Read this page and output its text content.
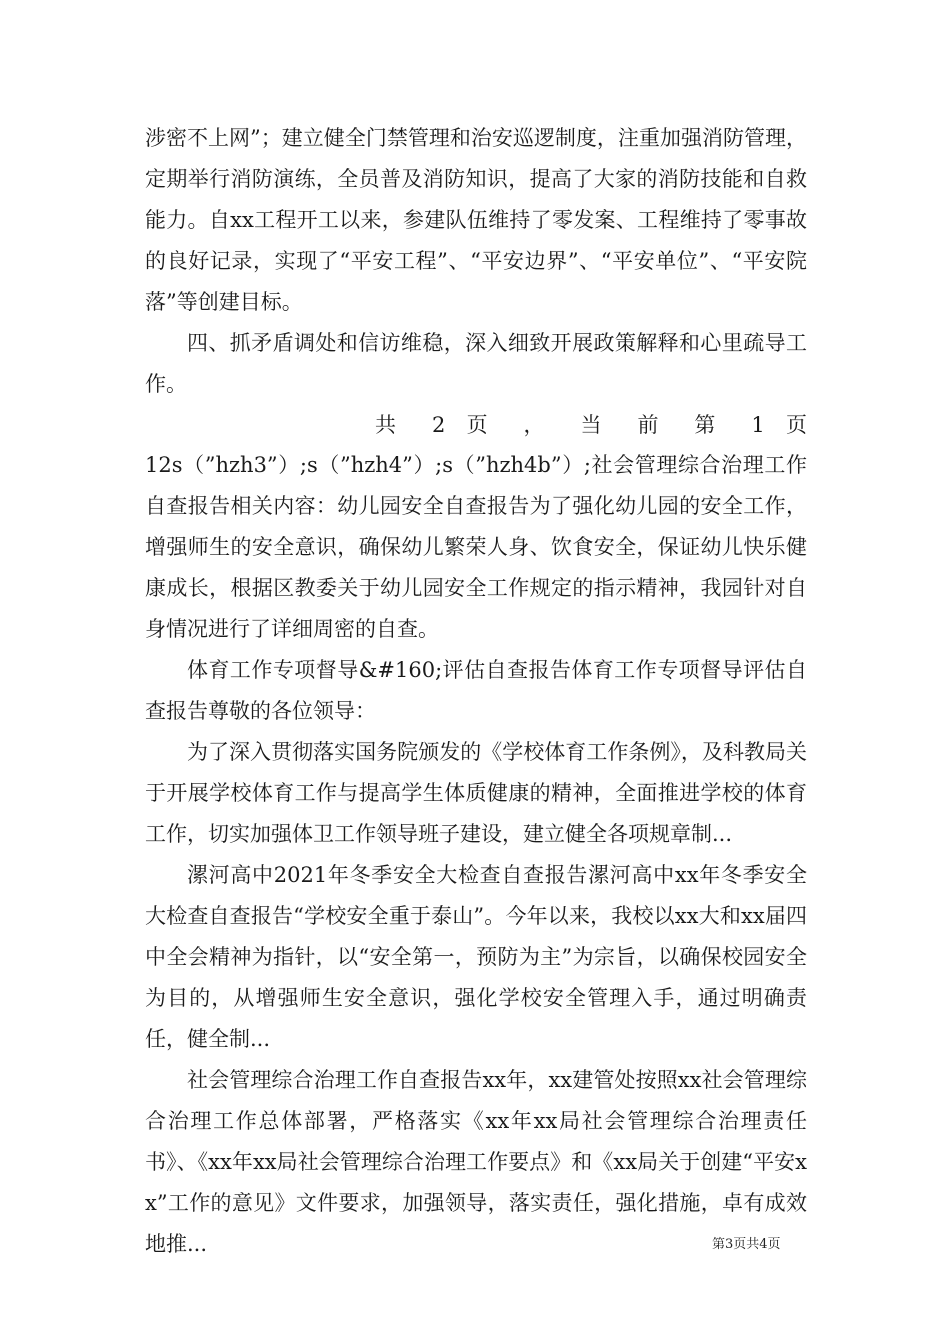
涉密不上网”；建立健全门禁管理和治安巡逻制度，注重加强消防管理，定期举行消防演练，全员普及消防知识，提高了大家的消防技能和自救能力。自xx工程开工以来，参建队伍维持了零发案、工程维持了零事故的良好记录，实现了“平安工程”、“平安边界”、“平安单位”、“平安院落”等创建目标。

四、抓矛盾调处和信访维稳，深入细致开展政策解释和心里疏导工作。

共 2 页 ， 当 前 第 1 页

12s（”hzh3”）;s（”hzh4”）;s（”hzh4b”）;社会管理综合治理工作自查报告相关内容：幼儿园安全自查报告为了强化幼儿园的安全工作，增强师生的安全意识，确保幼儿繁荣人身、饮食安全，保证幼儿快乐健康成长，根据区教委关于幼儿园安全工作规定的指示精神，我园针对自身情况进行了详细周密的自查。

体育工作专项督导&#160;评估自查报告体育工作专项督导评估自查报告尊敬的各位领导：

为了深入贯彻落实国务院颁发的《学校体育工作条例》，及科教局关于开展学校体育工作与提高学生体质健康的精神，全面推进学校的体育工作，切实加强体卫工作领导班子建设，建立健全各项规章制...

漯河高中2021年冬季安全大检查自查报告漯河高中xx年冬季安全大检查自查报告“学校安全重于泰山”。今年以来，我校以xx大和xx届四中全会精神为指针，以“安全第一，预防为主”为宗旨，以确保校园安全为目的，从增强师生安全意识，强化学校安全管理入手，通过明确责任，健全制...

社会管理综合治理工作自查报告xx年，xx建管处按照xx社会管理综合治理工作总体部署，严格落实《xx年xx局社会管理综合治理责任书》、《xx年xx局社会管理综合治理工作要点》和《xx局关于创建“平安xx”工作的意见》文件要求，加强领导，落实责任，强化措施，卓有成效地推...	第3页共4页
